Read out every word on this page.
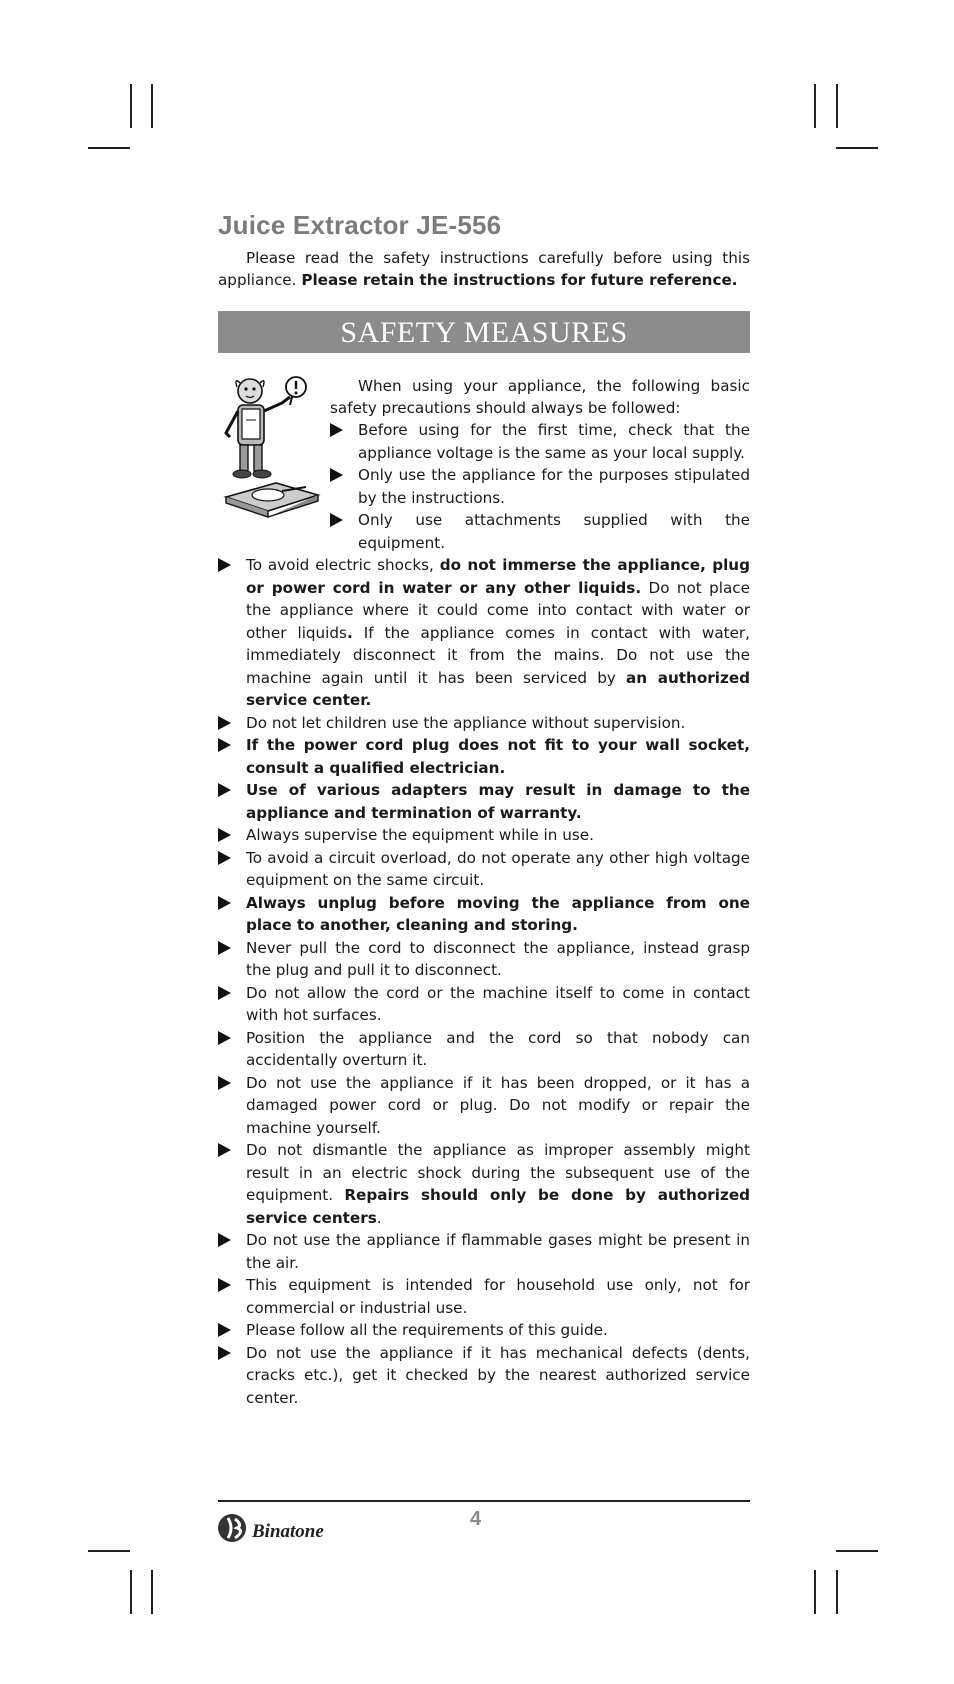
Juice Extractor JE-556

Please read the safety instructions carefully before using this appliance. Please retain the instructions for future reference.

SAFETY MEASURES

When using your appliance, the following basic safety precautions should always be followed:

Before using for the first time, check that the appliance voltage is the same as your local supply.
Only use the appliance for the purposes stipulated by the instructions.
Only use attachments supplied with the equipment.
To avoid electric shocks, do not immerse the appliance, plug or power cord in water or any other liquids. Do not place the appliance where it could come into contact with water or other liquids. If the appliance comes in contact with water, immediately disconnect it from the mains. Do not use the machine again until it has been serviced by an authorized service center.
Do not let children use the appliance without supervision.
If the power cord plug does not fit to your wall socket, consult a qualified electrician.
Use of various adapters may result in damage to the appliance and termination of warranty.
Always supervise the equipment while in use.
To avoid a circuit overload, do not operate any other high voltage equipment on the same circuit.
Always unplug before moving the appliance from one place to another, cleaning and storing.
Never pull the cord to disconnect the appliance, instead grasp the plug and pull it to disconnect.
Do not allow the cord or the machine itself to come in contact with hot surfaces.
Position the appliance and the cord so that nobody can accidentally overturn it.
Do not use the appliance if it has been dropped, or it has a damaged power cord or plug. Do not modify or repair the machine yourself.
Do not dismantle the appliance as improper assembly might result in an electric shock during the subsequent use of the equipment. Repairs should only be done by authorized service centers.
Do not use the appliance if flammable gases might be present in the air.
This equipment is intended for household use only, not for commercial or industrial use.
Please follow all the requirements of this guide.
Do not use the appliance if it has mechanical defects (dents, cracks etc.), get it checked by the nearest authorized service center.
Binatone
4
